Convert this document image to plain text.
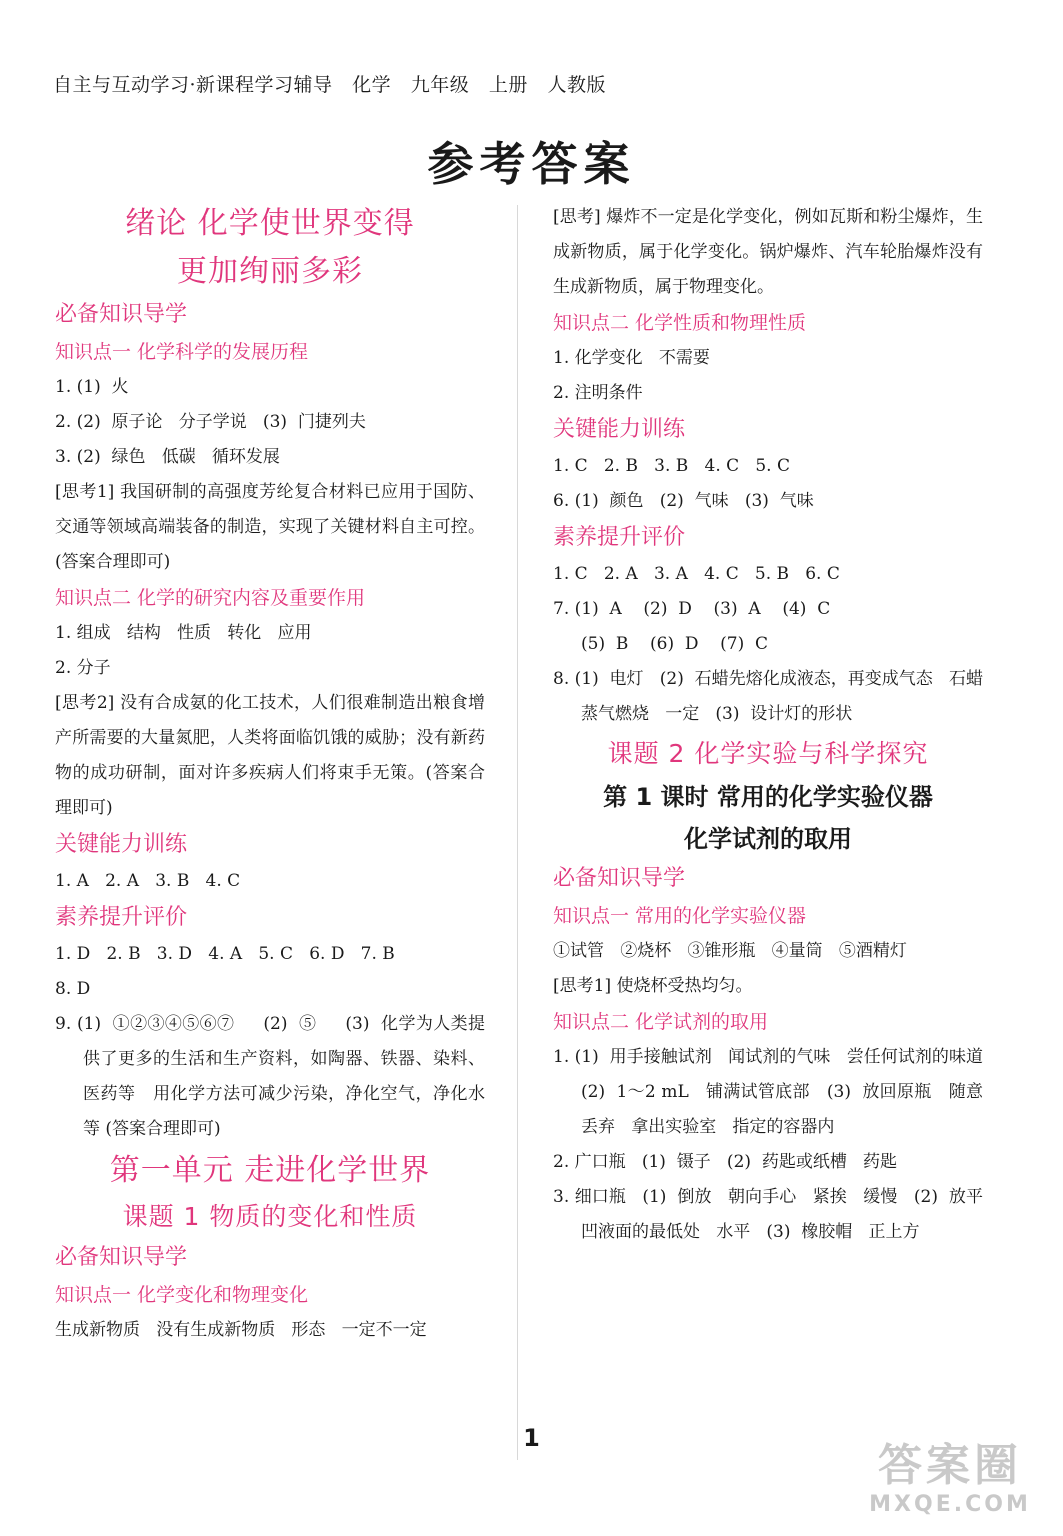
自主与互动学习·新课程学习辅导   化学   九年级   上册   人教版
参考答案
绪论 化学使世界变得
更加绚丽多彩
必备知识导学
知识点一 化学科学的发展历程
1. (1)  火
2. (2)  原子论   分子学说   (3)  门捷列夫
3. (2)  绿色   低碳   循环发展
[思考1] 我国研制的高强度芳纶复合材料已应用于国防、交通等领域高端装备的制造，实现了关键材料自主可控。(答案合理即可)
知识点二 化学的研究内容及重要作用
1. 组成   结构   性质   转化   应用
2. 分子
[思考2] 没有合成氨的化工技术，人们很难制造出粮食增产所需要的大量氮肥，人类将面临饥饿的威胁；没有新药物的成功研制，面对许多疾病人们将束手无策。(答案合理即可)
关键能力训练
1. A   2. A   3. B   4. C
素养提升评价
1. D   2. B   3. D   4. A   5. C   6. D   7. B
8. D
9. (1)  ①②③④⑤⑥⑦     (2)  ⑤     (3)  化学为人类提供了更多的生活和生产资料，如陶器、铁器、染料、医药等   用化学方法可减少污染，净化空气，净化水等 (答案合理即可)
第一单元 走进化学世界
课题 1 物质的变化和性质
必备知识导学
知识点一 化学变化和物理变化
生成新物质   没有生成新物质   形态   一定不一定
[思考] 爆炸不一定是化学变化，例如瓦斯和粉尘爆炸，生成新物质，属于化学变化。锅炉爆炸、汽车轮胎爆炸没有生成新物质，属于物理变化。
知识点二 化学性质和物理性质
1. 化学变化   不需要
2. 注明条件
关键能力训练
1. C   2. B   3. B   4. C   5. C
6. (1)  颜色   (2)  气味   (3)  气味
素养提升评价
1. C   2. A   3. A   4. C   5. B   6. C
7. (1)  A    (2)  D    (3)  A    (4)  C
(5)  B    (6)  D    (7)  C
8. (1)  电灯   (2)  石蜡先熔化成液态，再变成气态   石蜡蒸气燃烧   一定   (3)  设计灯的形状
课题 2 化学实验与科学探究
第 1 课时 常用的化学实验仪器
化学试剂的取用
必备知识导学
知识点一 常用的化学实验仪器
①试管   ②烧杯   ③锥形瓶   ④量筒   ⑤酒精灯
[思考1] 使烧杯受热均匀。
知识点二 化学试剂的取用
1. (1)  用手接触试剂   闻试剂的气味   尝任何试剂的味道   (2)  1～2 mL   铺满试管底部   (3)  放回原瓶   随意丢弃   拿出实验室   指定的容器内
2. 广口瓶   (1)  镊子   (2)  药匙或纸槽   药匙
3. 细口瓶   (1)  倒放   朝向手心   紧挨   缓慢   (2)  放平   凹液面的最低处   水平   (3)  橡胶帽   正上方
1
答案圈
MXQE.COM
